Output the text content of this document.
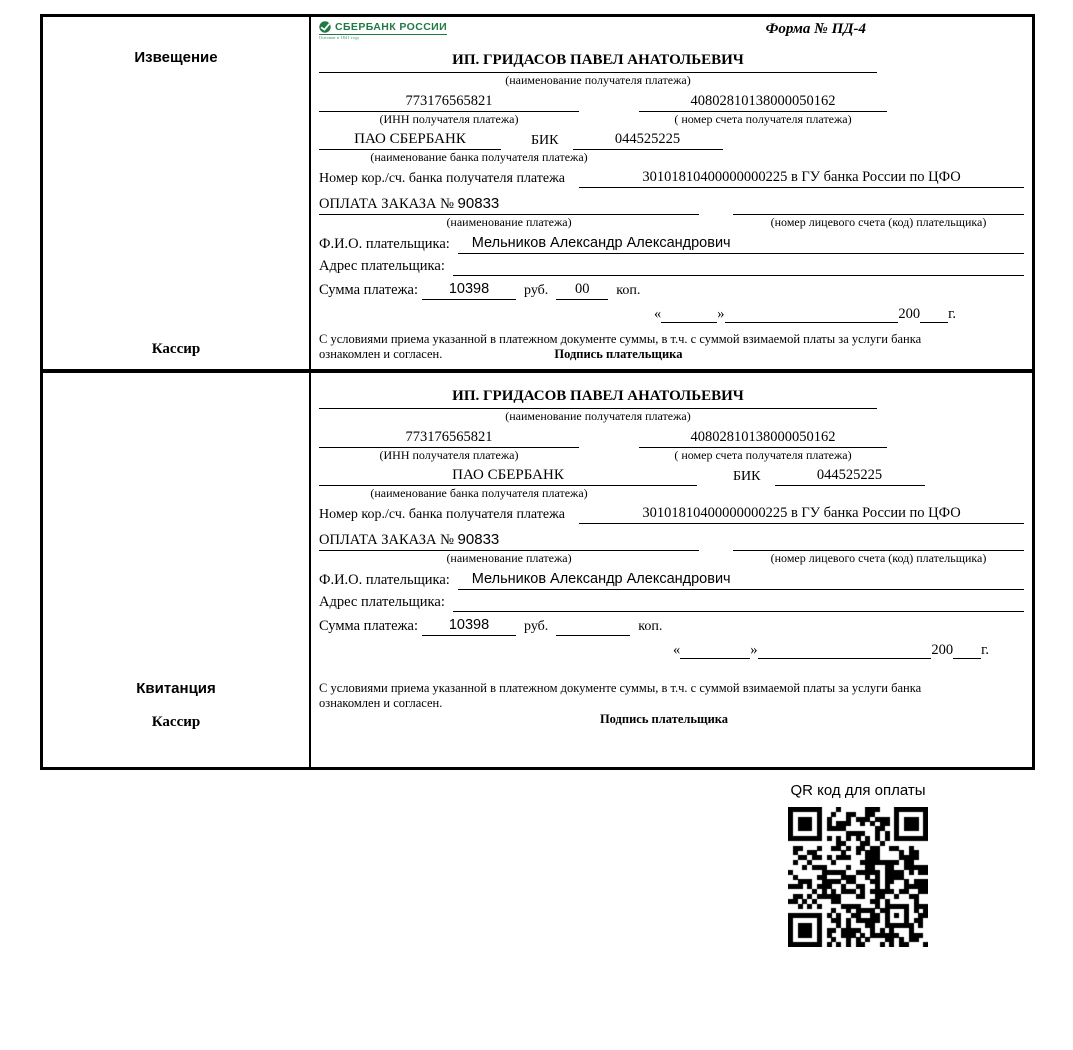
Извещение
Кассир
СБЕРБАНК РОССИИ
Основан в 1841 году
Форма № ПД-4
ИП. ГРИДАСОВ ПАВЕЛ АНАТОЛЬЕВИЧ
(наименование получателя платежа)
773176565821	40802810138000050162
(ИНН получателя платежа)	( номер счета получателя платежа)
ПАО СБЕРБАНК	БИК	044525225
(наименование банка получателя платежа)
Номер кор./сч. банка получателя платежа	30101810400000000225 в ГУ банка России по ЦФО
ОПЛАТА ЗАКАЗА № 90833
(наименование платежа)	(номер лицевого счета (код) плательщика)
Ф.И.О. плательщика:	Мельников Александр Александрович
Адрес плательщика:
Сумма платежа:	10398	руб.	00	коп.
«	»	200 г.
С условиями приема указанной в платежном документе суммы, в т.ч. с суммой взимаемой платы за услуги банка
ознакомлен и согласен.	Подпись плательщика
Квитанция
Кассир
ИП. ГРИДАСОВ ПАВЕЛ АНАТОЛЬЕВИЧ
(наименование получателя платежа)
773176565821	40802810138000050162
(ИНН получателя платежа)	( номер счета получателя платежа)
ПАО СБЕРБАНК	БИК	044525225
(наименование банка получателя платежа)
Номер кор./сч. банка получателя платежа	30101810400000000225 в ГУ банка России по ЦФО
ОПЛАТА ЗАКАЗА № 90833
(наименование платежа)	(номер лицевого счета (код) плательщика)
Ф.И.О. плательщика:	Мельников Александр Александрович
Адрес плательщика:
Сумма платежа:	10398	руб.	коп.
«	»	200 г.
С условиями приема указанной в платежном документе суммы, в т.ч. с суммой взимаемой платы за услуги банка
ознакомлен и согласен.
Подпись плательщика
QR код для оплаты
